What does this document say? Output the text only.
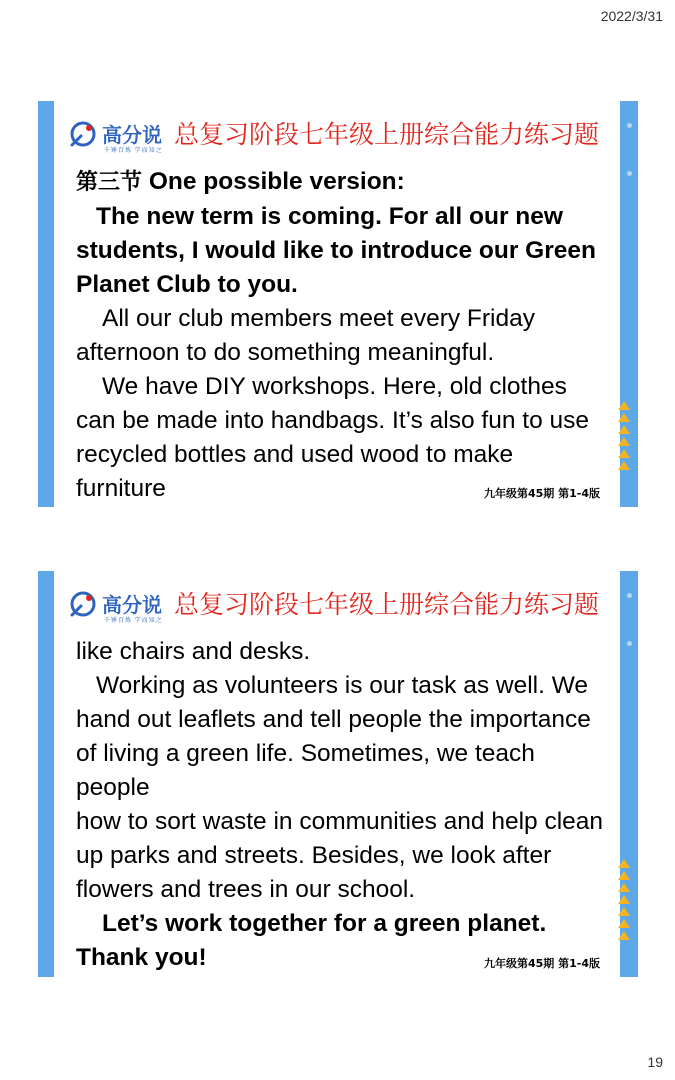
2022/3/31
高分说
千锤百炼 学而知之
总复习阶段七年级上册综合能力练习题

第三节 One possible version:

The new term is coming. For all our new

students, I would like to introduce our Green

Planet Club to you.

All our club members meet every Friday

afternoon to do something meaningful.

We have DIY workshops. Here, old clothes

can be made into handbags. It’s also fun to use

recycled bottles and used wood to make furniture	九年级第45期 第1-4版
高分说
千锤百炼 学而知之
总复习阶段七年级上册综合能力练习题

like chairs and desks.

Working as volunteers is our task as well. We

hand out leaflets and tell people the importance

of living a green life. Sometimes, we teach people

how to sort waste in communities and help clean

up parks and streets. Besides, we look after

flowers and trees in our school.

Let’s work together for a green planet.

Thank you!	九年级第45期 第1-4版
19
